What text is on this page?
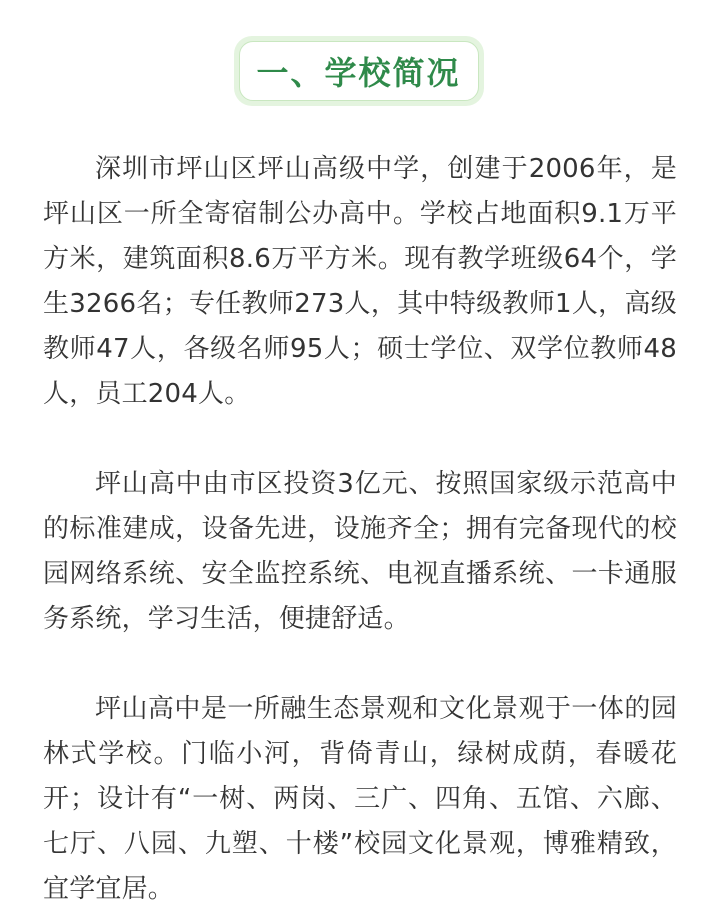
一、学校简况

深圳市坪山区坪山高级中学，创建于2006年，是坪山区一所全寄宿制公办高中。学校占地面积9.1万平方米，建筑面积8.6万平方米。现有教学班级64个，学生3266名；专任教师273人，其中特级教师1人，高级教师47人，各级名师95人；硕士学位、双学位教师48人，员工204人。

坪山高中由市区投资3亿元、按照国家级示范高中的标准建成，设备先进，设施齐全；拥有完备现代的校园网络系统、安全监控系统、电视直播系统、一卡通服务系统，学习生活，便捷舒适。

坪山高中是一所融生态景观和文化景观于一体的园林式学校。门临小河，背倚青山，绿树成荫，春暖花开；设计有“一树、两岗、三广、四角、五馆、六廊、七厅、八园、九塑、十楼”校园文化景观，博雅精致，宜学宜居。
